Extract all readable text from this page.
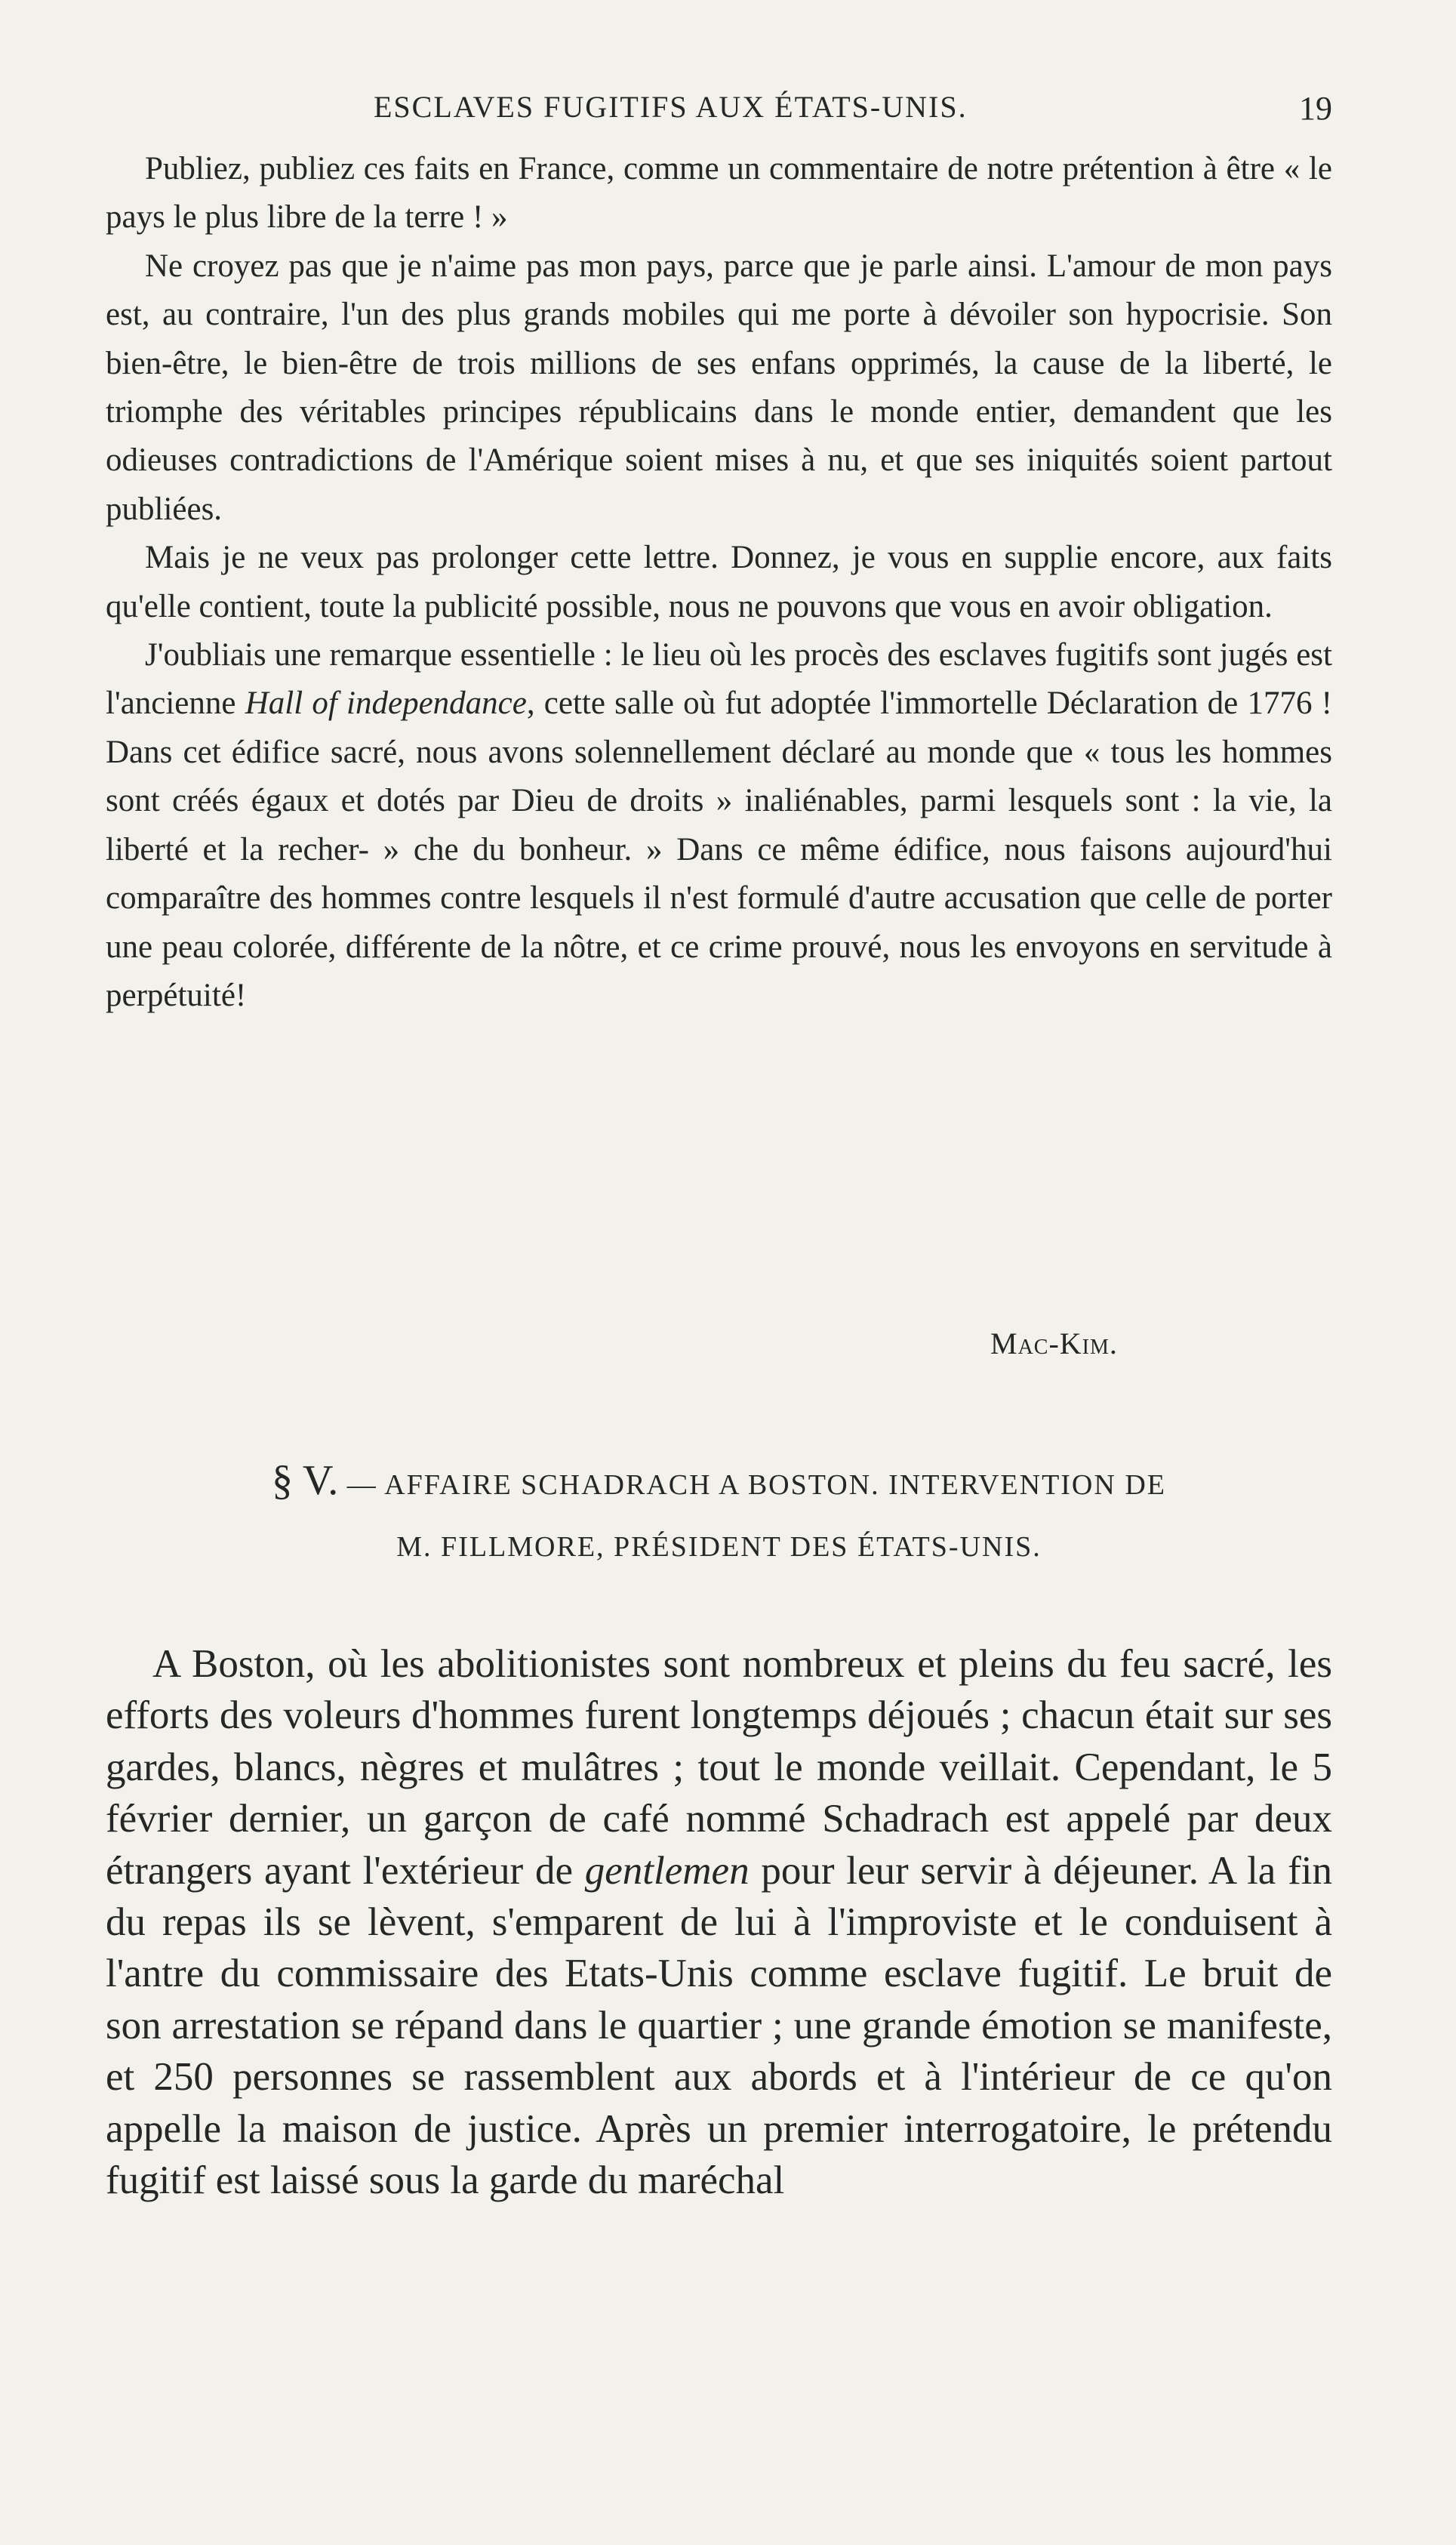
ESCLAVES FUGITIFS AUX ÉTATS-UNIS.	19

Publiez, publiez ces faits en France, comme un commentaire de notre prétention à être « le pays le plus libre de la terre ! »

Ne croyez pas que je n'aime pas mon pays, parce que je parle ainsi. L'amour de mon pays est, au contraire, l'un des plus grands mobiles qui me porte à dévoiler son hypocrisie. Son bien-être, le bien-être de trois millions de ses enfans opprimés, la cause de la liberté, le triomphe des véritables principes républicains dans le monde entier, demandent que les odieuses contradictions de l'Amérique soient mises à nu, et que ses iniquités soient partout publiées.

Mais je ne veux pas prolonger cette lettre. Donnez, je vous en supplie encore, aux faits qu'elle contient, toute la publicité possible, nous ne pouvons que vous en avoir obligation.

J'oubliais une remarque essentielle : le lieu où les procès des esclaves fugitifs sont jugés est l'ancienne Hall of independance, cette salle où fut adoptée l'immortelle Déclaration de 1776 ! Dans cet édifice sacré, nous avons solennellement déclaré au monde que « tous les hommes sont créés égaux et dotés par Dieu de droits » inaliénables, parmi lesquels sont : la vie, la liberté et la recher- » che du bonheur. » Dans ce même édifice, nous faisons aujourd'hui comparaître des hommes contre lesquels il n'est formulé d'autre accusation que celle de porter une peau colorée, différente de la nôtre, et ce crime prouvé, nous les envoyons en servitude à perpétuité!

Mac-Kim.
§ V. — AFFAIRE SCHADRACH A BOSTON. INTERVENTION DE
M. FILLMORE, PRÉSIDENT DES ÉTATS-UNIS.

A Boston, où les abolitionistes sont nombreux et pleins du feu sacré, les efforts des voleurs d'hommes furent longtemps déjoués ; chacun était sur ses gardes, blancs, nègres et mulâtres ; tout le monde veillait. Cependant, le 5 février dernier, un garçon de café nommé Schadrach est appelé par deux étrangers ayant l'extérieur de gentlemen pour leur servir à déjeuner. A la fin du repas ils se lèvent, s'emparent de lui à l'improviste et le conduisent à l'antre du commissaire des Etats-Unis comme esclave fugitif. Le bruit de son arrestation se répand dans le quartier ; une grande émotion se manifeste, et 250 personnes se rassemblent aux abords et à l'intérieur de ce qu'on appelle la maison de justice. Après un premier interrogatoire, le prétendu fugitif est laissé sous la garde du maréchal
